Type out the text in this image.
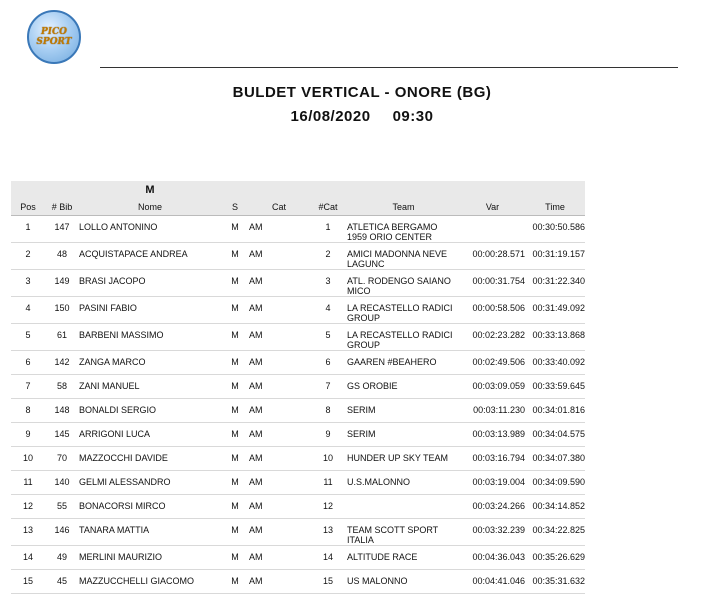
PICO
SPORT
BULDET VERTICAL - ONORE (BG)
16/08/2020 09:30
		M						
Pos	# Bib	Nome	S	Cat	#Cat	Team	Var	Time
1	147	LOLLO ANTONINO	M	AM	1	ATLETICA BERGAMO 1959 ORIO CENTER		00:30:50.586
2	48	ACQUISTAPACE ANDREA	M	AM	2	AMICI MADONNA NEVE LAGUNC	00:00:28.571	00:31:19.157
3	149	BRASI JACOPO	M	AM	3	ATL. RODENGO SAIANO MICO	00:00:31.754	00:31:22.340
4	150	PASINI FABIO	M	AM	4	LA RECASTELLO RADICI GROUP	00:00:58.506	00:31:49.092
5	61	BARBENI MASSIMO	M	AM	5	LA RECASTELLO RADICI GROUP	00:02:23.282	00:33:13.868
6	142	ZANGA MARCO	M	AM	6	GAAREN #BEAHERO	00:02:49.506	00:33:40.092
7	58	ZANI MANUEL	M	AM	7	GS OROBIE	00:03:09.059	00:33:59.645
8	148	BONALDI SERGIO	M	AM	8	SERIM	00:03:11.230	00:34:01.816
9	145	ARRIGONI LUCA	M	AM	9	SERIM	00:03:13.989	00:34:04.575
10	70	MAZZOCCHI DAVIDE	M	AM	10	HUNDER UP SKY TEAM	00:03:16.794	00:34:07.380
11	140	GELMI ALESSANDRO	M	AM	11	U.S.MALONNO	00:03:19.004	00:34:09.590
12	55	BONACORSI MIRCO	M	AM	12		00:03:24.266	00:34:14.852
13	146	TANARA MATTIA	M	AM	13	TEAM SCOTT SPORT ITALIA	00:03:32.239	00:34:22.825
14	49	MERLINI MAURIZIO	M	AM	14	ALTITUDE RACE	00:04:36.043	00:35:26.629
15	45	MAZZUCCHELLI GIACOMO	M	AM	15	US MALONNO	00:04:41.046	00:35:31.632
